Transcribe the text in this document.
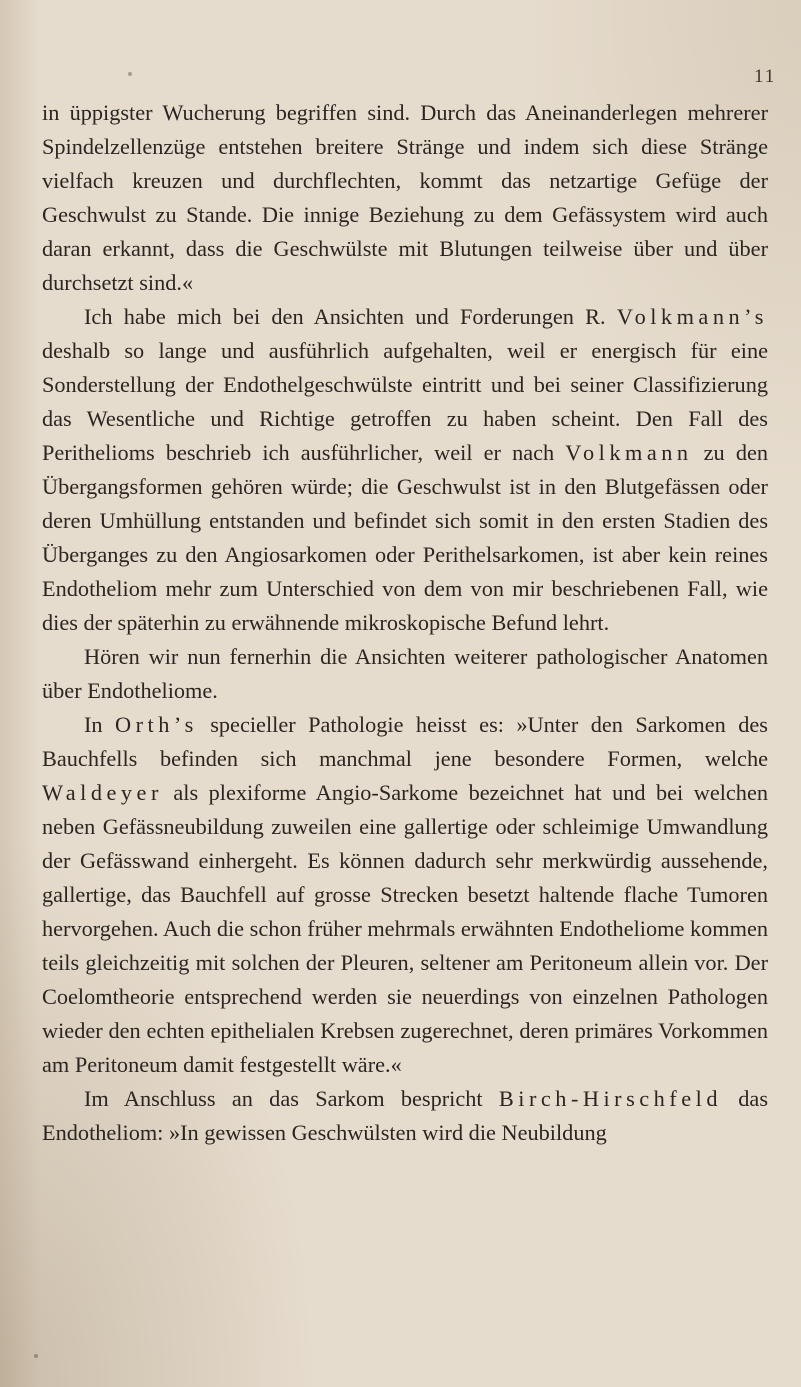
11

in üppigster Wucherung begriffen sind. Durch das Aneinanderlegen mehrerer Spindelzellenzüge entstehen breitere Stränge und indem sich diese Stränge vielfach kreuzen und durchflechten, kommt das netzartige Gefüge der Geschwulst zu Stande. Die innige Beziehung zu dem Gefässystem wird auch daran erkannt, dass die Geschwülste mit Blutungen teilweise über und über durchsetzt sind.«

Ich habe mich bei den Ansichten und Forderungen R. Volkmann’s deshalb so lange und ausführlich aufgehalten, weil er energisch für eine Sonderstellung der Endothelgeschwülste eintritt und bei seiner Classifizierung das Wesentliche und Richtige getroffen zu haben scheint. Den Fall des Perithelioms beschrieb ich ausführlicher, weil er nach Volkmann zu den Übergangsformen gehören würde; die Geschwulst ist in den Blutgefässen oder deren Umhüllung entstanden und befindet sich somit in den ersten Stadien des Überganges zu den Angiosarkomen oder Perithelsarkomen, ist aber kein reines Endotheliom mehr zum Unterschied von dem von mir beschriebenen Fall, wie dies der späterhin zu erwähnende mikroskopische Befund lehrt.

Hören wir nun fernerhin die Ansichten weiterer pathologischer Anatomen über Endotheliome.

In Orth’s specieller Pathologie heisst es: »Unter den Sarkomen des Bauchfells befinden sich manchmal jene besondere Formen, welche Waldeyer als plexiforme Angio-Sarkome bezeichnet hat und bei welchen neben Gefässneubildung zuweilen eine gallertige oder schleimige Umwandlung der Gefässwand einhergeht. Es können dadurch sehr merkwürdig aussehende, gallertige, das Bauchfell auf grosse Strecken besetzt haltende flache Tumoren hervorgehen. Auch die schon früher mehrmals erwähnten Endotheliome kommen teils gleichzeitig mit solchen der Pleuren, seltener am Peritoneum allein vor. Der Coelomtheorie entsprechend werden sie neuerdings von einzelnen Pathologen wieder den echten epithelialen Krebsen zugerechnet, deren primäres Vorkommen am Peritoneum damit festgestellt wäre.«

Im Anschluss an das Sarkom bespricht Birch-Hirschfeld das Endotheliom: »In gewissen Geschwülsten wird die Neubildung
